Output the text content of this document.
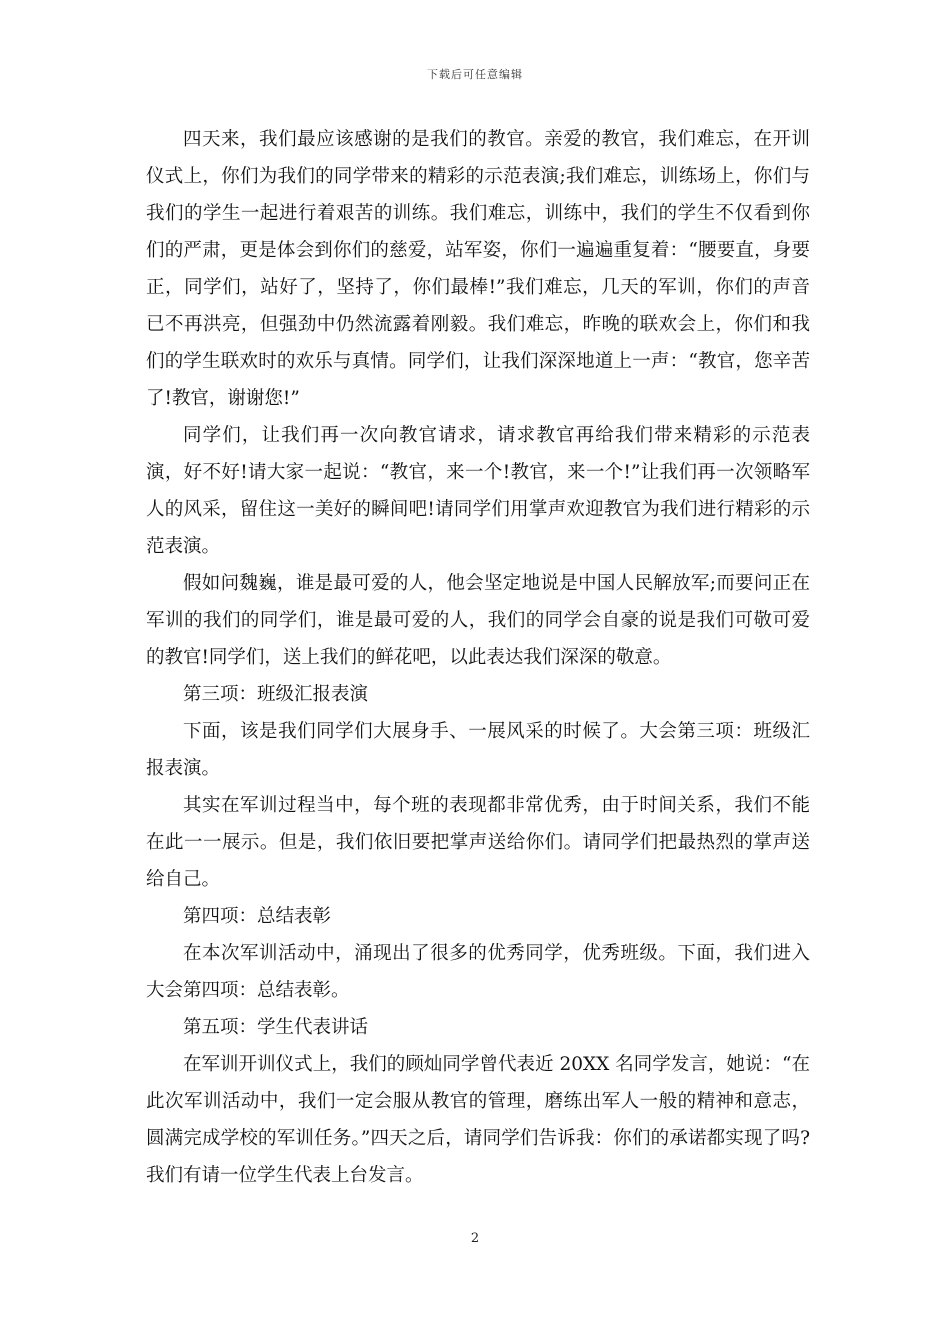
下载后可任意编辑

四天来，我们最应该感谢的是我们的教官。亲爱的教官，我们难忘，在开训仪式上，你们为我们的同学带来的精彩的示范表演;我们难忘，训练场上，你们与我们的学生一起进行着艰苦的训练。我们难忘，训练中，我们的学生不仅看到你们的严肃，更是体会到你们的慈爱，站军姿，你们一遍遍重复着：“腰要直，身要正，同学们，站好了，坚持了，你们最棒!”我们难忘，几天的军训，你们的声音已不再洪亮，但强劲中仍然流露着刚毅。我们难忘，昨晚的联欢会上，你们和我们的学生联欢时的欢乐与真情。同学们，让我们深深地道上一声：“教官，您辛苦了!教官，谢谢您!”

同学们，让我们再一次向教官请求，请求教官再给我们带来精彩的示范表演，好不好!请大家一起说：“教官，来一个!教官，来一个!”让我们再一次领略军人的风采，留住这一美好的瞬间吧!请同学们用掌声欢迎教官为我们进行精彩的示范表演。

假如问魏巍，谁是最可爱的人，他会坚定地说是中国人民解放军;而要问正在军训的我们的同学们，谁是最可爱的人，我们的同学会自豪的说是我们可敬可爱的教官!同学们，送上我们的鲜花吧，以此表达我们深深的敬意。

第三项：班级汇报表演

下面，该是我们同学们大展身手、一展风采的时候了。大会第三项：班级汇报表演。

其实在军训过程当中，每个班的表现都非常优秀，由于时间关系，我们不能在此一一展示。但是，我们依旧要把掌声送给你们。请同学们把最热烈的掌声送给自己。

第四项：总结表彰

在本次军训活动中，涌现出了很多的优秀同学，优秀班级。下面，我们进入大会第四项：总结表彰。

第五项：学生代表讲话

在军训开训仪式上，我们的顾灿同学曾代表近 20XX 名同学发言，她说：“在此次军训活动中，我们一定会服从教官的管理，磨练出军人一般的精神和意志，圆满完成学校的军训任务。”四天之后，请同学们告诉我：你们的承诺都实现了吗?我们有请一位学生代表上台发言。

2
